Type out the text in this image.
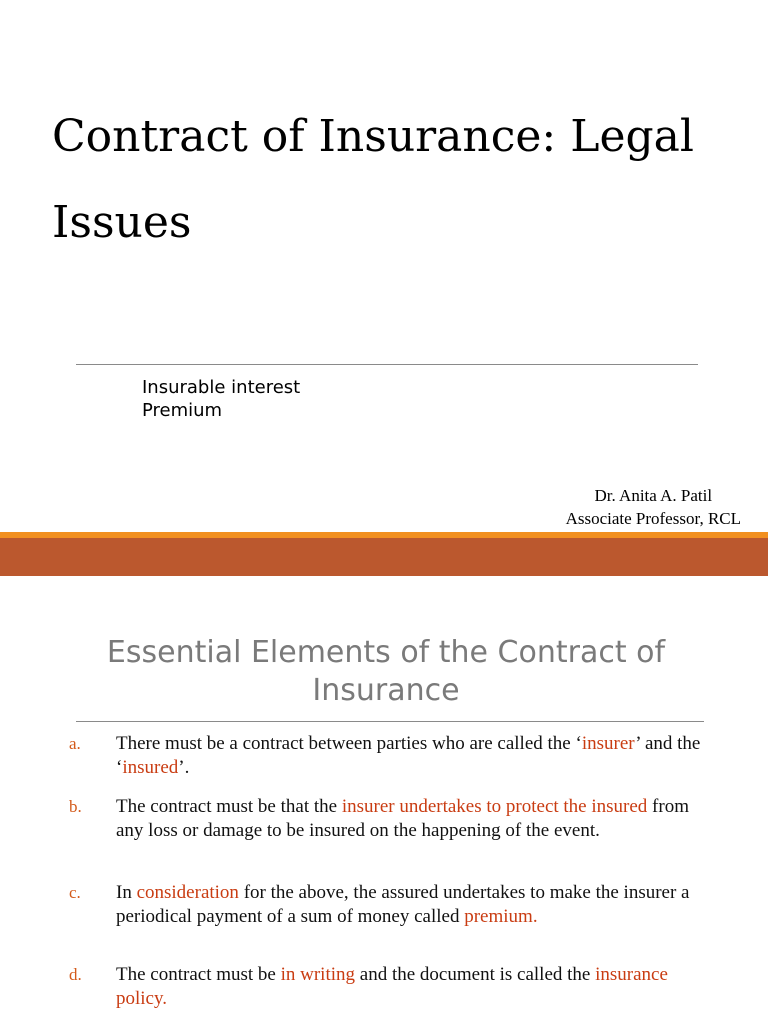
Contract of Insurance: Legal Issues
Insurable interest
Premium
Dr. Anita A. Patil
Associate Professor, RCL
Essential Elements of the Contract of Insurance
a. There must be a contract between parties who are called the ‘insurer’ and the ‘insured’.
b. The contract must be that the insurer undertakes to protect the insured from any loss or damage to be insured on the happening of the event.
c. In consideration for the above, the assured undertakes to make the insurer a periodical payment of a sum of money called premium.
d. The contract must be in writing and the document is called the insurance policy.
